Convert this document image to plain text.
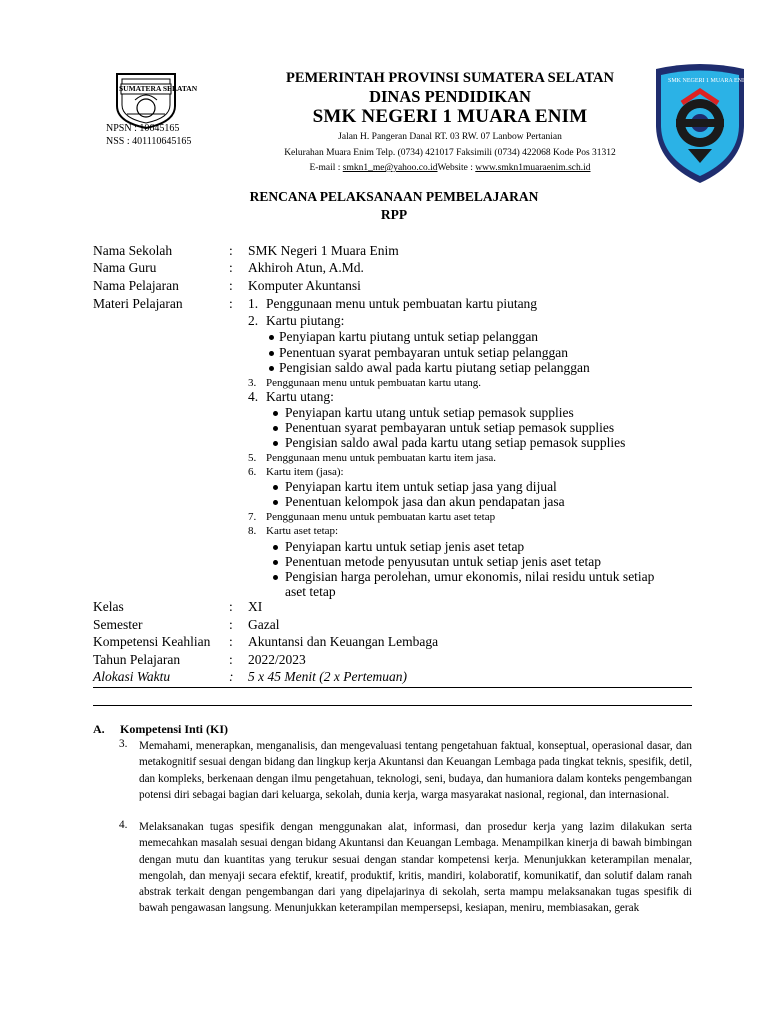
SUMATERA SELATAN
SMK NEGERI 1 MUARA ENIM
NPSN : 10645165
NSS : 401110645165
PEMERINTAH PROVINSI SUMATERA SELATAN
DINAS PENDIDIKAN
SMK NEGERI 1 MUARA ENIM
Jalan H. Pangeran Danal RT. 03 RW. 07 Lanbow Pertanian
Kelurahan Muara Enim Telp. (0734) 421017 Faksimili (0734) 422068 Kode Pos 31312
E-mail : smkn1_me@yahoo.co.idWebsite : www.smkn1muaraenim.sch.id
RENCANA PELAKSANAAN PEMBELAJARAN
RPP
Nama Sekolah	: SMK Negeri 1 Muara Enim
Nama Guru	: Akhiroh Atun, A.Md.
Nama Pelajaran	: Komputer Akuntansi
Materi Pelajaran	: 1. Penggunaan menu untuk pembuatan kartu piutang
2. Kartu piutang:
Penyiapan kartu piutang untuk setiap pelanggan
Penentuan syarat pembayaran untuk setiap pelanggan
Pengisian saldo awal pada kartu piutang setiap pelanggan
3. Penggunaan menu untuk pembuatan kartu utang.
4. Kartu utang:
Penyiapan kartu utang untuk setiap pemasok supplies
Penentuan syarat pembayaran untuk setiap pemasok supplies
Pengisian saldo awal pada kartu utang setiap pemasok supplies
5. Penggunaan menu untuk pembuatan kartu item jasa.
6. Kartu item (jasa):
Penyiapan kartu item untuk setiap jasa yang dijual
Penentuan kelompok jasa dan akun pendapatan jasa
7. Penggunaan menu untuk pembuatan kartu aset tetap
8. Kartu aset tetap:
Penyiapan kartu untuk setiap jenis aset tetap
Penentuan metode penyusutan untuk setiap jenis aset tetap
Pengisian harga perolehan, umur ekonomis, nilai residu untuk setiap
aset tetap
Kelas	: XI
Semester	: Gazal
Kompetensi Keahlian	: Akuntansi dan Keuangan Lembaga
Tahun Pelajaran	: 2022/2023
Alokasi Waktu	: 5 x 45 Menit (2 x Pertemuan)
A. Kompetensi Inti (KI)
3. Memahami, menerapkan, menganalisis, dan mengevaluasi tentang pengetahuan faktual, konseptual, operasional dasar, dan metakognitif sesuai dengan bidang dan lingkup kerja Akuntansi dan Keuangan Lembaga pada tingkat teknis, spesifik, detil, dan kompleks, berkenaan dengan ilmu pengetahuan, teknologi, seni, budaya, dan humaniora dalam konteks pengembangan potensi diri sebagai bagian dari keluarga, sekolah, dunia kerja, warga masyarakat nasional, regional, dan internasional.
4. Melaksanakan tugas spesifik dengan menggunakan alat, informasi, dan prosedur kerja yang lazim dilakukan serta memecahkan masalah sesuai dengan bidang Akuntansi dan Keuangan Lembaga. Menampilkan kinerja di bawah bimbingan dengan mutu dan kuantitas yang terukur sesuai dengan standar kompetensi kerja. Menunjukkan keterampilan menalar, mengolah, dan menyaji secara efektif, kreatif, produktif, kritis, mandiri, kolaboratif, komunikatif, dan solutif dalam ranah abstrak terkait dengan pengembangan dari yang dipelajarinya di sekolah, serta mampu melaksanakan tugas spesifik di bawah pengawasan langsung. Menunjukkan keterampilan mempersepsi, kesiapan, meniru, membiasakan, gerak
